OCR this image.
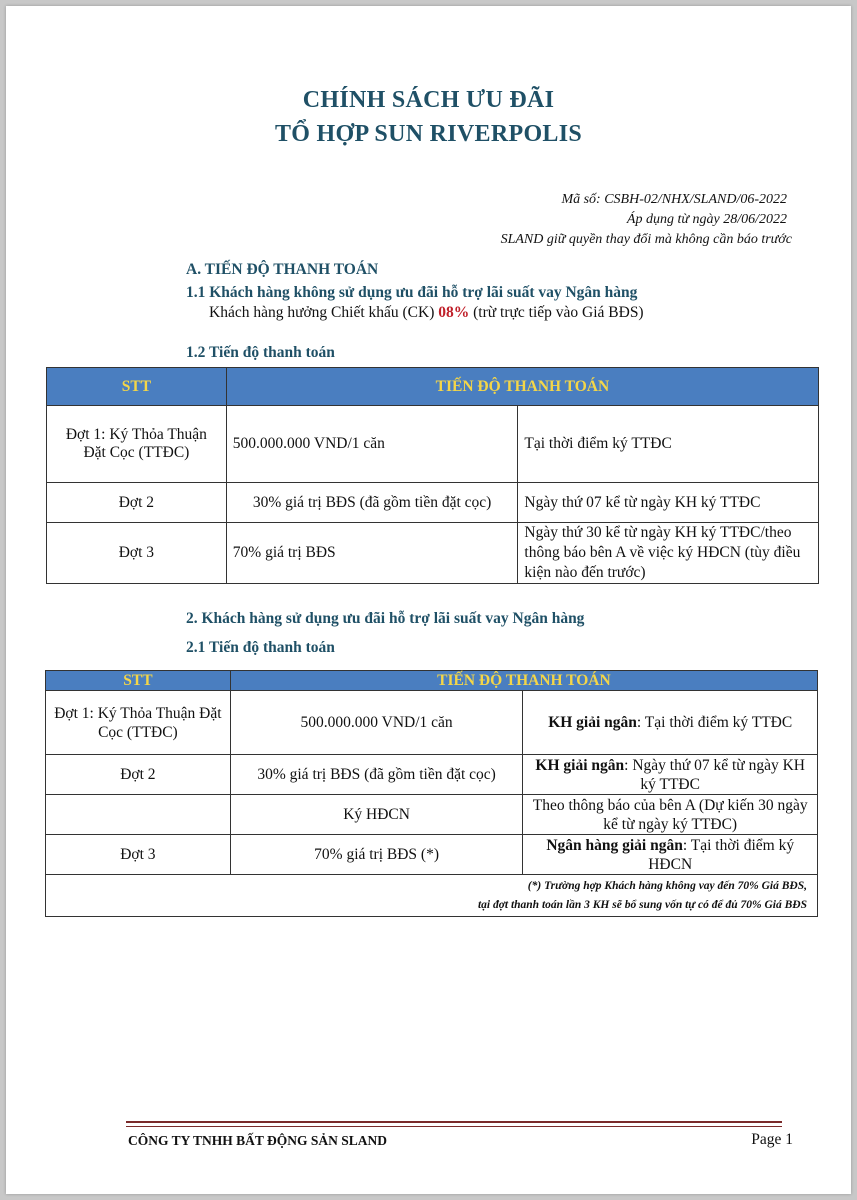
CHÍNH SÁCH ƯU ĐÃI
TỔ HỢP SUN RIVERPOLIS
Mã số: CSBH-02/NHX/SLAND/06-2022
Áp dụng từ ngày 28/06/2022
SLAND giữ quyền thay đổi mà không cần báo trước
A. TIẾN ĐỘ THANH TOÁN
1.1 Khách hàng không sử dụng ưu đãi hỗ trợ lãi suất vay Ngân hàng
Khách hàng hưởng Chiết khấu (CK) 08% (trừ trực tiếp vào Giá BĐS)
1.2 Tiến độ thanh toán
STT	TIẾN ĐỘ THANH TOÁN	
Đợt 1: Ký Thỏa Thuận Đặt Cọc (TTĐC)	500.000.000 VND/1 căn	Tại thời điểm ký TTĐC
Đợt 2	30% giá trị BĐS (đã gồm tiền đặt cọc)	Ngày thứ 07 kể từ ngày KH ký TTĐC
Đợt 3	70% giá trị BĐS	Ngày thứ 30 kể từ ngày KH ký TTĐC/theo thông báo bên A về việc ký HĐCN (tùy điều kiện nào đến trước)
2. Khách hàng sử dụng ưu đãi hỗ trợ lãi suất vay Ngân hàng
2.1 Tiến độ thanh toán
STT	TIẾN ĐỘ THANH TOÁN	
Đợt 1: Ký Thỏa Thuận Đặt Cọc (TTĐC)	500.000.000 VND/1 căn	KH giải ngân: Tại thời điểm ký TTĐC
Đợt 2	30% giá trị BĐS (đã gồm tiền đặt cọc)	KH giải ngân: Ngày thứ 07 kể từ ngày KH ký TTĐC
	Ký HĐCN	Theo thông báo của bên A (Dự kiến 30 ngày kể từ ngày ký TTĐC)
Đợt 3	70% giá trị BĐS (*)	Ngân hàng giải ngân: Tại thời điểm ký HĐCN

(*) Trường hợp Khách hàng không vay đến 70% Giá BĐS,
tại đợt thanh toán lần 3 KH sẽ bổ sung vốn tự có để đủ 70% Giá BĐS		
CÔNG TY TNHH BẤT ĐỘNG SẢN SLAND	Page 1
